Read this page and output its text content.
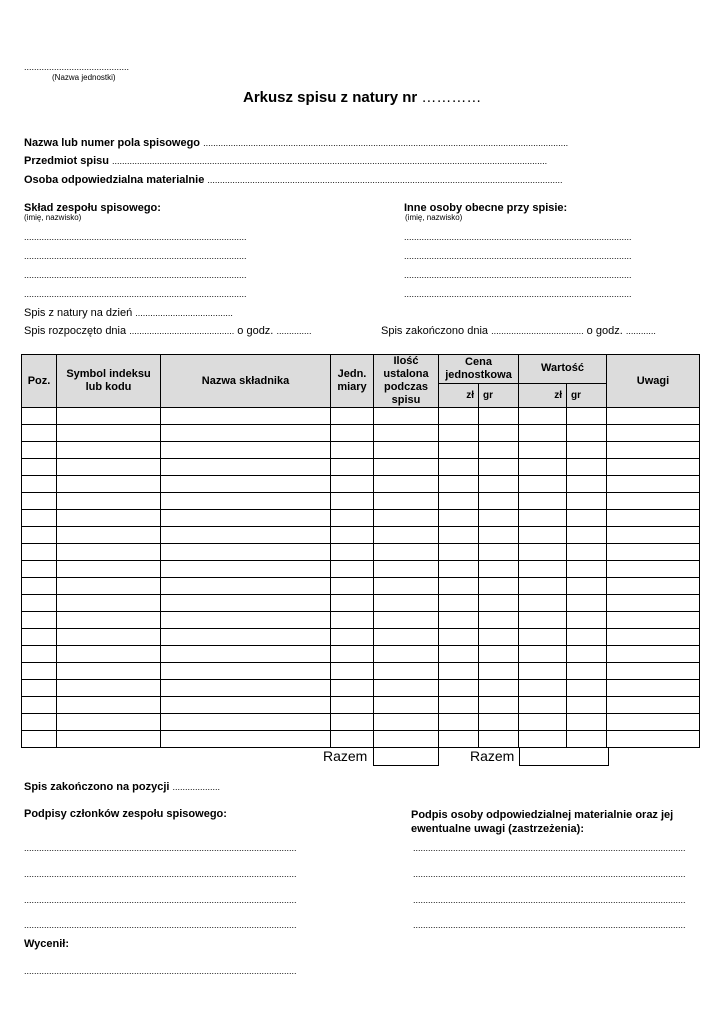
..........................................
(Nazwa jednostki)
Arkusz spisu z natury nr …………
Nazwa lub numer pola spisowego ..................................................................................................................................................
Przedmiot spisu ..............................................................................................................................................................................
Osoba odpowiedzialna materialnie ..............................................................................................................................................
Skład zespołu spisowego:
(imię, nazwisko)
Inne osoby obecne przy spisie:
(imię, nazwisko)
.........................................................................................
.........................................................................................
.........................................................................................
.........................................................................................
...........................................................................................
...........................................................................................
...........................................................................................
...........................................................................................
Spis z natury na dzień .......................................
Spis rozpoczęto dnia .......................................... o godz. ..............	Spis zakończono dnia ..................................... o godz. ............
Poz.	Symbol indeksu lub kodu	Nazwa składnika	Jedn. miary	Ilość ustalona podczas spisu	Cena jednostkowa		Wartość		Uwagi
					zł	gr	zł	gr	

Razem	Razem
Spis zakończono na pozycji ...................
Podpisy członków zespołu spisowego:	Podpis osoby odpowiedzialnej materialnie oraz jej ewentualne uwagi (zastrzeżenia):
.............................................................................................................
.............................................................................................................
.............................................................................................................
.............................................................................................................
.............................................................................................................
.............................................................................................................
.............................................................................................................
.............................................................................................................
Wycenił:
.............................................................................................................
